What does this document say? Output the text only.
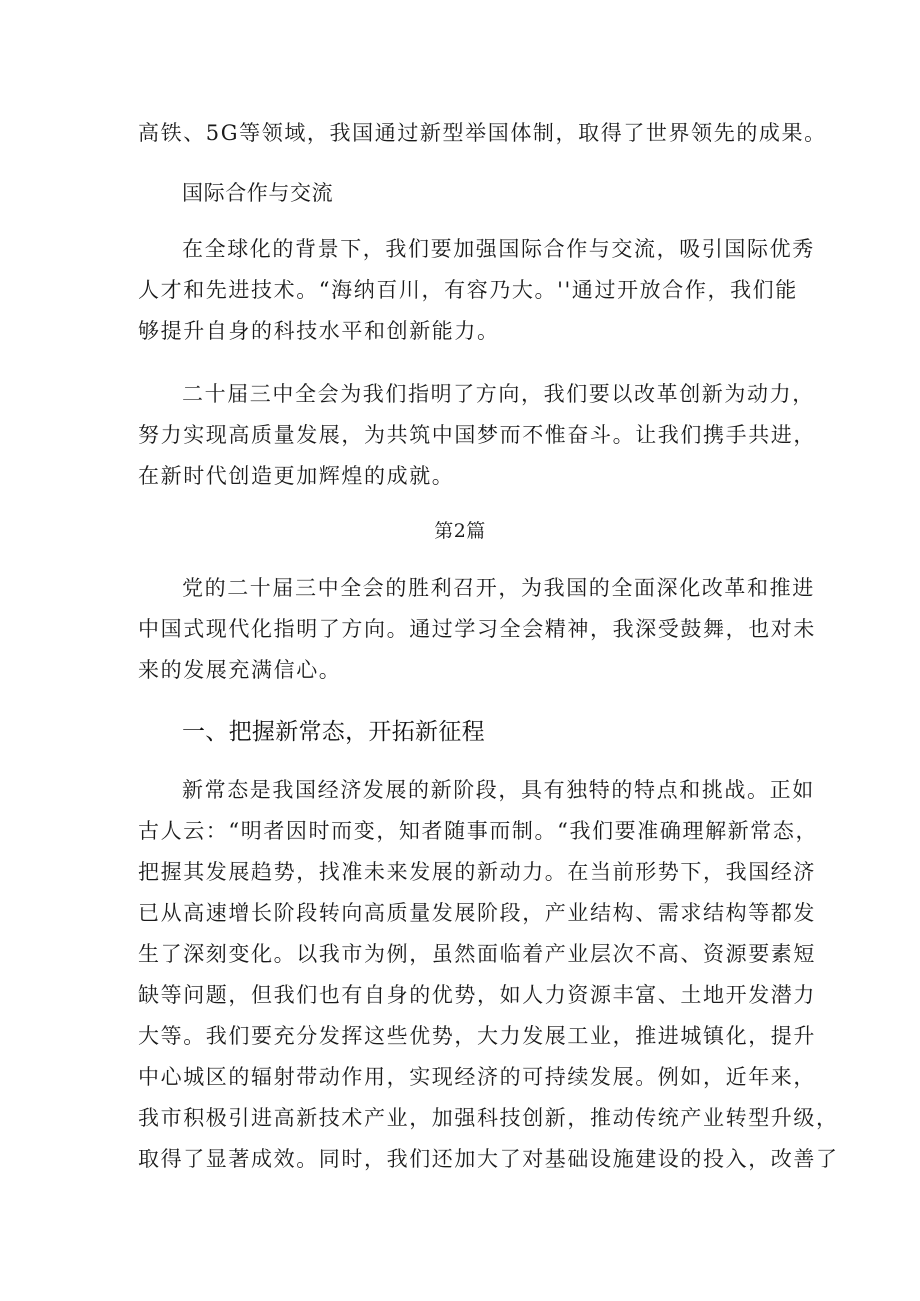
高铁、5G等领域，我国通过新型举国体制，取得了世界领先的成果。
国际合作与交流
在全球化的背景下，我们要加强国际合作与交流，吸引国际优秀
人才和先进技术。“海纳百川，有容乃大。''通过开放合作，我们能
够提升自身的科技水平和创新能力。
二十届三中全会为我们指明了方向，我们要以改革创新为动力，
努力实现高质量发展，为共筑中国梦而不惟奋斗。让我们携手共进，
在新时代创造更加辉煌的成就。
第2篇
党的二十届三中全会的胜利召开，为我国的全面深化改革和推进
中国式现代化指明了方向。通过学习全会精神，我深受鼓舞，也对未
来的发展充满信心。
一、把握新常态，开拓新征程
新常态是我国经济发展的新阶段，具有独特的特点和挑战。正如
古人云：“明者因时而变，知者随事而制。“我们要准确理解新常态，
把握其发展趋势，找准未来发展的新动力。在当前形势下，我国经济
已从高速增长阶段转向高质量发展阶段，产业结构、需求结构等都发
生了深刻变化。以我市为例，虽然面临着产业层次不高、资源要素短
缺等问题，但我们也有自身的优势，如人力资源丰富、土地开发潜力
大等。我们要充分发挥这些优势，大力发展工业，推进城镇化，提升
中心城区的辐射带动作用，实现经济的可持续发展。例如，近年来，
我市积极引进高新技术产业，加强科技创新，推动传统产业转型升级，
取得了显著成效。同时，我们还加大了对基础设施建设的投入，改善了
